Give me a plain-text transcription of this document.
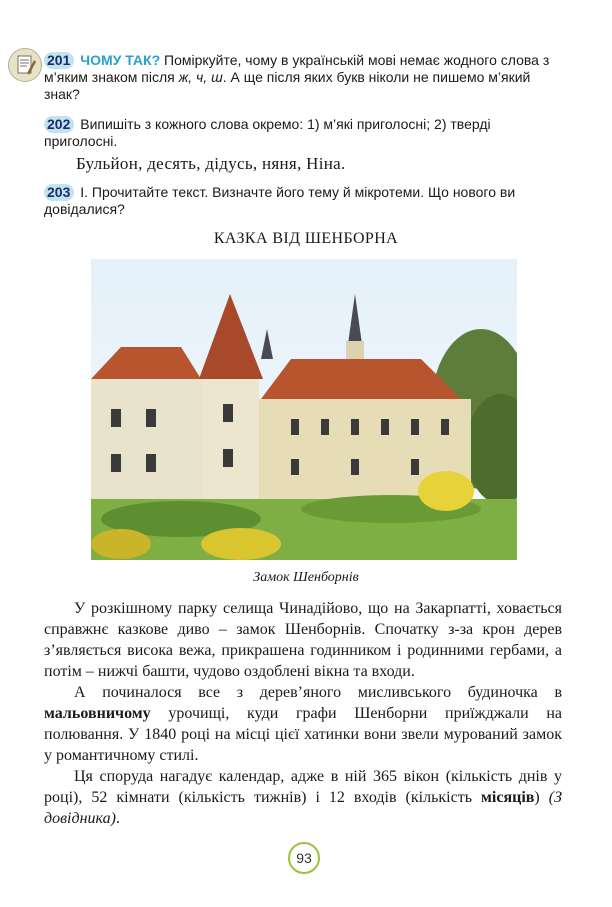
201 ЧОМУ ТАК? Поміркуйте, чому в українській мові немає жодного слова з м’яким знаком після ж, ч, ш. А ще після яких букв ніколи не пишемо м’який знак?
202 Випишіть з кожного слова окремо: 1) м’які приголосні; 2) тверді приголосні.
Бульйон, десять, дідусь, няня, Ніна.
203 І. Прочитайте текст. Визначте його тему й мікротеми. Що нового ви довідалися?
КАЗКА ВІД ШЕНБОРНА
Замок Шенборнів

У розкішному парку селища Чинадійово, що на Закарпатті, ховається справжнє казкове диво – замок Шенборнів. Спочатку з-за крон дерев з’являється висока вежа, прикрашена годинником і родинними гербами, а потім – нижчі башти, чудово оздоблені вікна та входи.

А починалося все з дерев’яного мисливського будиночка в мальовничому урочищі, куди графи Шенборни приїжджали на полювання. У 1840 році на місці цієї хатинки вони звели мурований замок у романтичному стилі.

Ця споруда нагадує календар, адже в ній 365 вікон (кількість днів у році), 52 кімнати (кількість тижнів) і 12 входів (кількість місяців) (З довідника).

93
